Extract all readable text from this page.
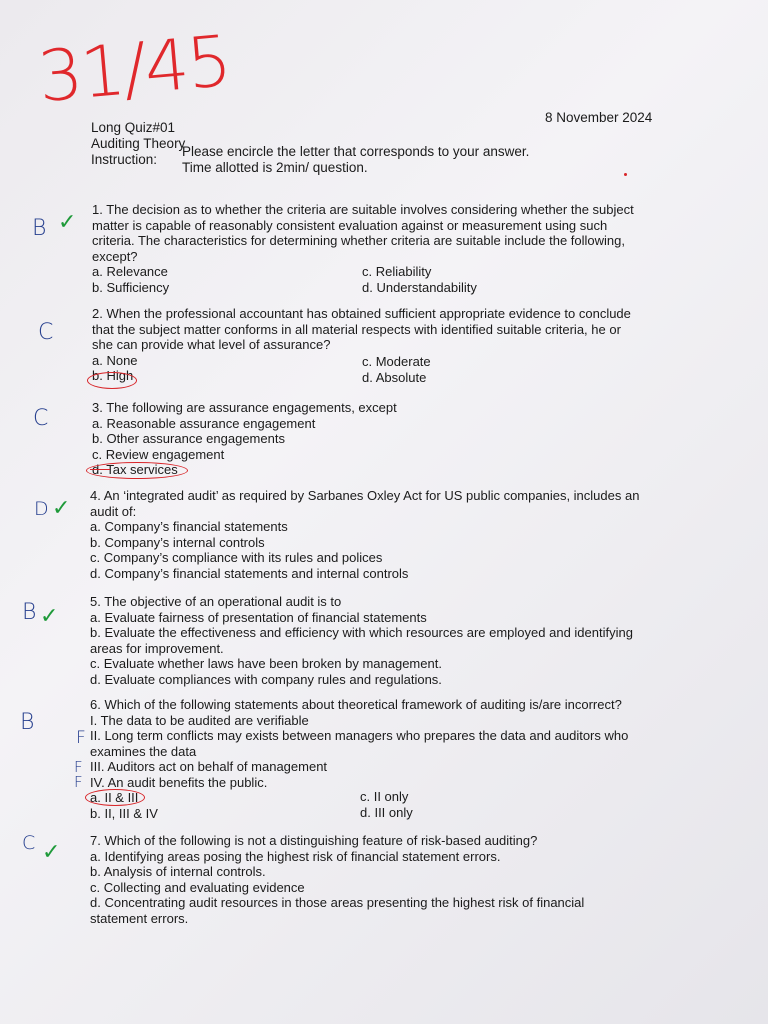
31/45
Long Quiz#01
Auditing Theory
Instruction:
Please encircle the letter that corresponds to your answer.
Time allotted is 2min/ question.
8 November 2024
B ✓

1. The decision as to whether the criteria are suitable involves considering whether the subject

matter is capable of reasonably consistent evaluation against or measurement using such

criteria. The characteristics for determining whether criteria are suitable include the following,

except?

a. Relevance
b. Sufficiency
c. Reliability
d. Understandability
C

2. When the professional accountant has obtained sufficient appropriate evidence to conclude

that the subject matter conforms in all material respects with identified suitable criteria, he or

she can provide what level of assurance?

a. None
b. High
c. Moderate
d. Absolute
C	3. The following are assurance engagements, except

a. Reasonable assurance engagement
b. Other assurance engagements
c. Review engagement
d. Tax services
D ✓

4. An ‘integrated audit’ as required by Sarbanes Oxley Act for US public companies, includes an

audit of:

a. Company’s financial statements
b. Company’s internal controls
c. Company’s compliance with its rules and polices
d. Company’s financial statements and internal controls
B ✓

5. The objective of an operational audit is to

a. Evaluate fairness of presentation of financial statements
b. Evaluate the effectiveness and efficiency with which resources are employed and identifying
areas for improvement.
c. Evaluate whether laws have been broken by management.
d. Evaluate compliances with company rules and regulations.
B

6. Which of the following statements about theoretical framework of auditing is/are incorrect?

I. The data to be audited are verifiable
II. Long term conflicts may exists between managers who prepares the data and auditors who
examines the data
III. Auditors act on behalf of management
IV. An audit benefits the public.
a. II & III
b. II, III & IV
F
F
F
c. II only
d. III only
C ✓ 7. Which of the following is not a distinguishing feature of risk-based auditing?

a. Identifying areas posing the highest risk of financial statement errors.
b. Analysis of internal controls.
c. Collecting and evaluating evidence
d. Concentrating audit resources in those areas presenting the highest risk of financial
statement errors.
